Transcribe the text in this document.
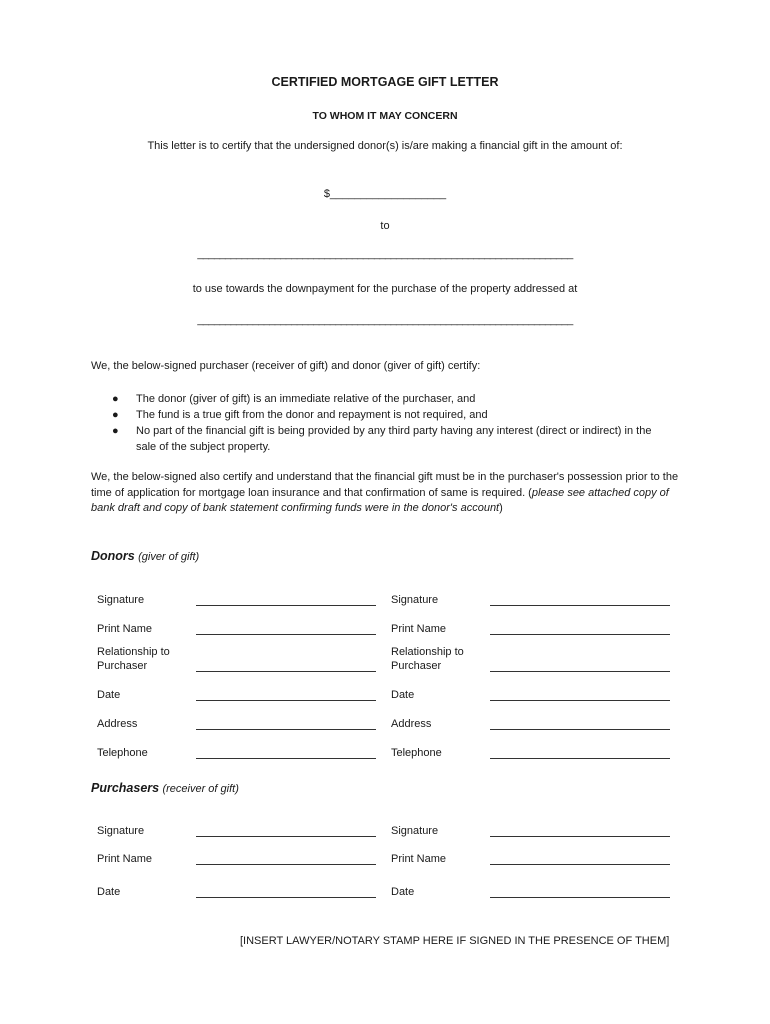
CERTIFIED MORTGAGE GIFT LETTER
TO WHOM IT MAY CONCERN
This letter is to certify that the undersigned donor(s) is/are making a financial gift in the amount of:
$___________________
to
____________________________________________________________________
to use towards the downpayment for the purchase of the property addressed at
____________________________________________________________________
We, the below-signed purchaser (receiver of gift) and donor (giver of gift) certify:
● The donor (giver of gift) is an immediate relative of the purchaser, and
● The fund is a true gift from the donor and repayment is not required, and
● No part of the financial gift is being provided by any third party having any interest (direct or indirect) in the sale of the subject property.
We, the below-signed also certify and understand that the financial gift must be in the purchaser's possession prior to the time of application for mortgage loan insurance and that confirmation of same is required. (please see attached copy of bank draft and copy of bank statement confirming funds were in the donor's account)
Donors (giver of gift)
Signature
Print Name
Relationship to
Purchaser
Date
Address
Telephone
Signature
Print Name
Relationship to
Purchaser
Date
Address
Telephone
Purchasers (receiver of gift)
Signature
Print Name
Date
Signature
Print Name
Date
[INSERT LAWYER/NOTARY STAMP HERE IF SIGNED IN THE PRESENCE OF THEM]
